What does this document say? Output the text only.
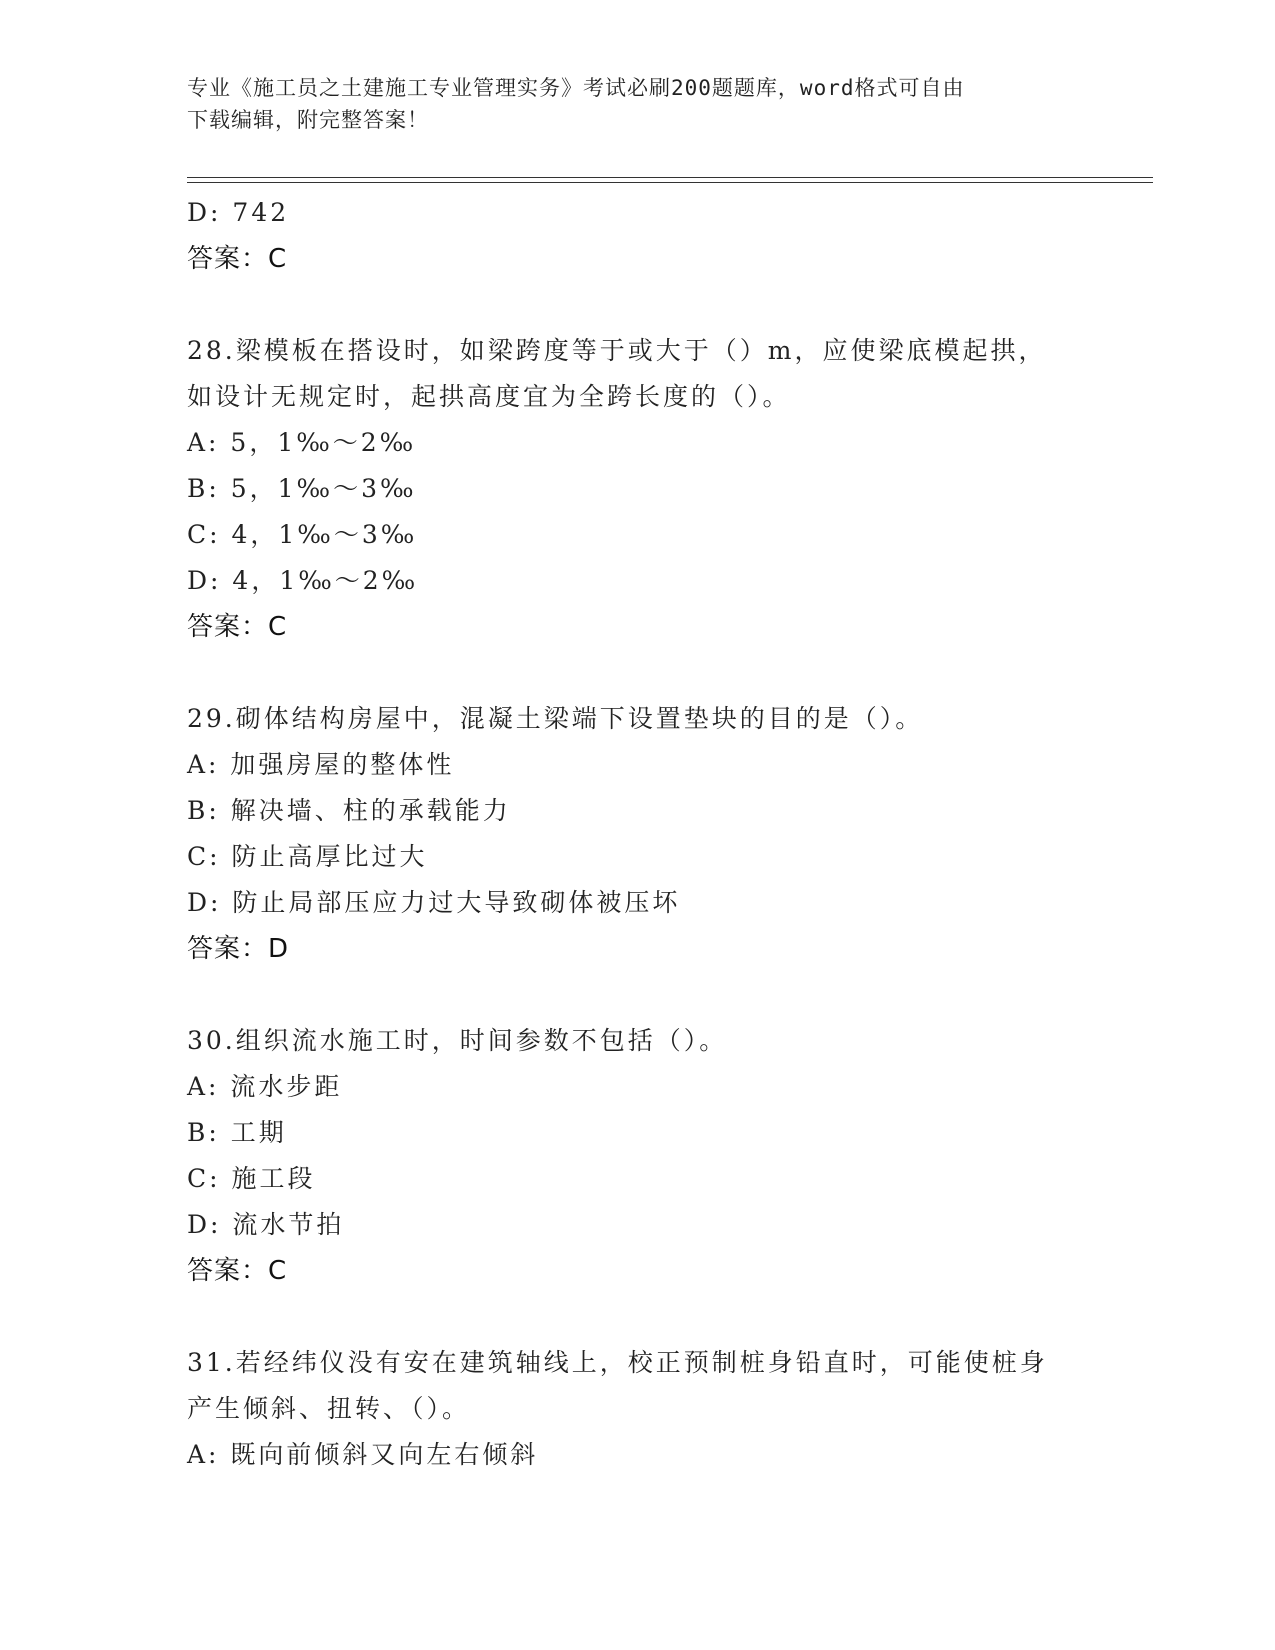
专业《施工员之土建施工专业管理实务》考试必刷200题题库，word格式可自由
下载编辑，附完整答案！
D: 742
答案：C
28.梁模板在搭设时，如梁跨度等于或大于（）m，应使梁底模起拱，
如设计无规定时，起拱高度宜为全跨长度的（）。
A: 5，1‰～2‰
B: 5，1‰～3‰
C: 4，1‰～3‰
D: 4，1‰～2‰
答案：C
29.砌体结构房屋中，混凝土梁端下设置垫块的目的是（）。
A: 加强房屋的整体性
B: 解决墙、柱的承载能力
C: 防止高厚比过大
D: 防止局部压应力过大导致砌体被压坏
答案：D
30.组织流水施工时，时间参数不包括（）。
A: 流水步距
B: 工期
C: 施工段
D: 流水节拍
答案：C
31.若经纬仪没有安在建筑轴线上，校正预制桩身铅直时，可能使桩身
产生倾斜、扭转、（）。
A: 既向前倾斜又向左右倾斜
